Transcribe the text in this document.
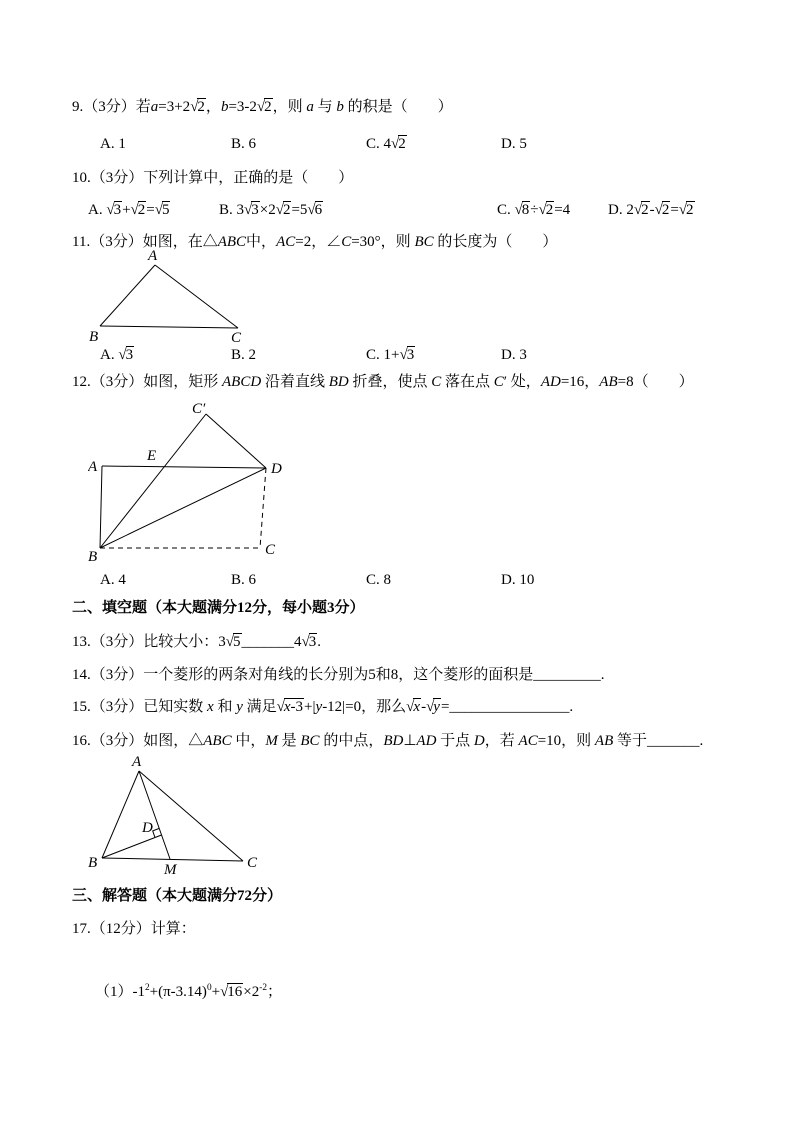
9.（3分）若a=3+2√2，b=3-2√2，则 a 与 b 的积是（　　）
A. 1	B. 6	C. 4√2	D. 5
10.（3分）下列计算中，正确的是（　　）
A. √3+√2=√5	B. 3√3×2√2=5√6	C. √8÷√2=4	D. 2√2-√2=√2
11.（3分）如图，在△ABC中，AC=2，∠C=30°，则 BC 的长度为（　　）
A
B	C
A. √3	B. 2	C. 1+√3	D. 3
12.（3分）如图，矩形 ABCD 沿着直线 BD 折叠，使点 C 落在点 C′ 处，AD=16，AB=8（　　）
A	D
B	C
C′
E
A. 4	B. 6	C. 8	D. 10
二、填空题（本大题满分12分，每小题3分）
13.（3分）比较大小：3√5_______4√3.
14.（3分）一个菱形的两条对角线的长分别为5和8，这个菱形的面积是_________.
15.（3分）已知实数 x 和 y 满足√x-3+|y-12|=0，那么√x-√y=________________.
16.（3分）如图，△ABC 中，M 是 BC 的中点，BD⊥AD 于点 D，若 AC=10，则 AB 等于_______.
A
B	C
D
M
三、解答题（本大题满分72分）
17.（12分）计算：
$(1)-1^2+(\pi-3.14)^0+√16\times 2^{-2}$；
